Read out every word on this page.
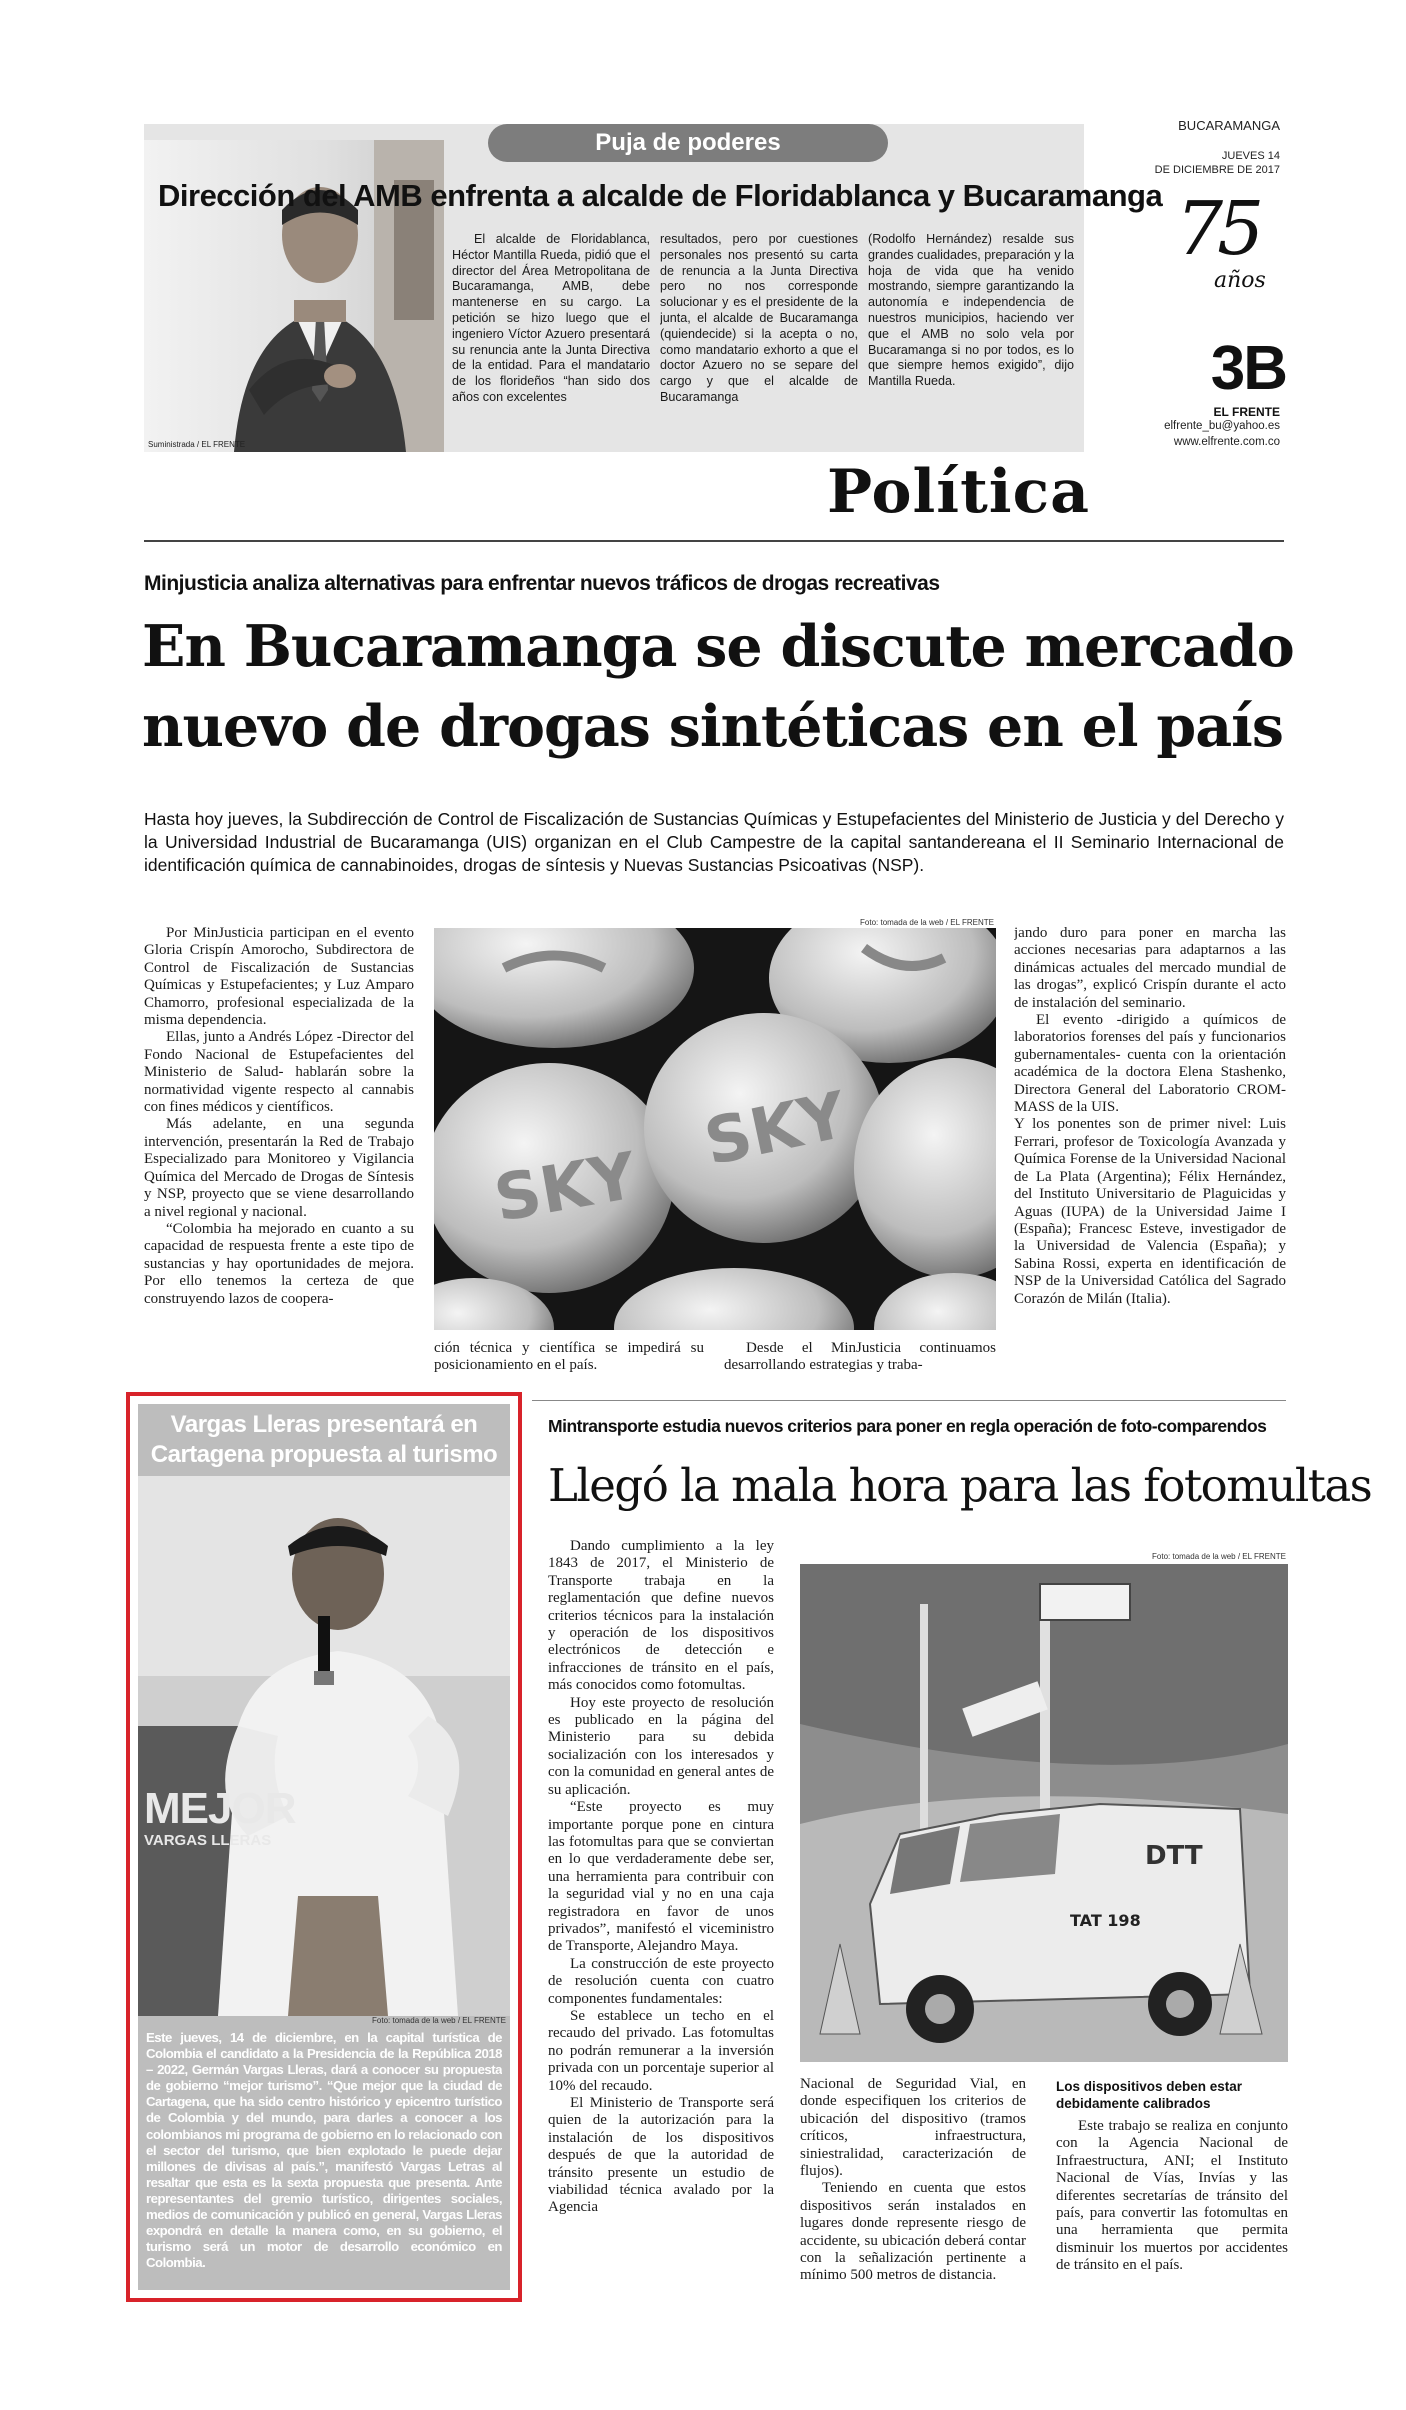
Suministrada / EL FRENTE
Puja de poderes
Dirección del AMB enfrenta a alcalde de Floridablanca y Bucaramanga

El alcalde de Floridablanca, Héctor Mantilla Rueda, pidió que el director del Área Metropolitana de Bucaramanga, AMB, debe mantenerse en su cargo. La petición se hizo luego que el ingeniero Víctor Azuero presentará su renuncia ante la Junta Directiva de la entidad. Para el mandatario de los florideños “han sido dos años con excelentes

resultados, pero por cuestiones personales nos presentó su carta de renuncia a la Junta Directiva pero no nos corresponde solucionar y es el presidente de la junta, el alcalde de Bucaramanga (quiendecide) si la acepta o no, como mandatario exhorto a que el doctor Azuero no se separe del cargo y que el alcalde de Bucaramanga

(Rodolfo Hernández) resalde sus grandes cualidades, preparación y la hoja de vida que ha venido mostrando, siempre garantizando la autonomía e independencia de nuestros municipios, haciendo ver que el AMB no solo vela por Bucaramanga si no por todos, es lo que siempre hemos exigido”, dijo Mantilla Rueda.

BUCARAMANGA
JUEVES 14
DE DICIEMBRE DE 2017
75
años
3B
EL FRENTE
elfrente_bu@yahoo.es
www.elfrente.com.co
Política
Minjusticia analiza alternativas para enfrentar nuevos tráficos de drogas recreativas
En Bucaramanga se discute mercado
nuevo de drogas sintéticas en el país
Hasta hoy jueves, la Subdirección de Control de Fiscalización de Sustancias Químicas y Estupefacientes del Ministerio de Justicia y del Derecho y la Universidad Industrial de Bucaramanga (UIS) organizan en el Club Campestre de la capital santandereana el II Seminario Internacional de identificación química de cannabinoides, drogas de síntesis y Nuevas Sustancias Psicoativas (NSP).

Por MinJusticia participan en el evento Gloria Crispín Amorocho, Subdirectora de Control de Fiscalización de Sustancias Químicas y Estupefacientes; y Luz Amparo Chamorro, profesional especializada de la misma dependencia.

Ellas, junto a Andrés López -Director del Fondo Nacional de Estupefacientes del Ministerio de Salud- hablarán sobre la normatividad vigente respecto al cannabis con fines médicos y científicos.

Más adelante, en una segunda intervención, presentarán la Red de Trabajo Especializado para Monitoreo y Vigilancia Química del Mercado de Drogas de Síntesis y NSP, proyecto que se viene desarrollando a nivel regional y nacional.

“Colombia ha mejorado en cuanto a su capacidad de respuesta frente a este tipo de sustancias y hay oportunidades de mejora. Por ello tenemos la certeza de que construyendo lazos de coopera-

SKY
SKY
Foto: tomada de la web / EL FRENTE

ción técnica y científica se impedirá su posicionamiento en el país.

Desde el MinJusticia continuamos desarrollando estrategias y traba-

jando duro para poner en marcha las acciones necesarias para adaptarnos a las dinámicas actuales del mercado mundial de las drogas”, explicó Crispín durante el acto de instalación del seminario.

El evento -dirigido a químicos de laboratorios forenses del país y funcionarios gubernamentales- cuenta con la orientación académica de la doctora Elena Stashenko, Directora General del Laboratorio CROM-MASS de la UIS.

Y los ponentes son de primer nivel: Luis Ferrari, profesor de Toxicología Avanzada y Química Forense de la Universidad Nacional de La Plata (Argentina); Félix Hernández, del Instituto Universitario de Plaguicidas y Aguas (IUPA) de la Universidad Jaime I (España); Francesc Esteve, investigador de la Universidad de Valencia (España); y Sabina Rossi, experta en identificación de NSP de la Universidad Católica del Sagrado Corazón de Milán (Italia).

Vargas Lleras presentará en
Cartagena propuesta al turismo
MEJOR
VARGAS LLERAS
Foto: tomada de la web / EL FRENTE
Este jueves, 14 de diciembre, en la capital turística de Colombia el candidato a la Presidencia de la República 2018 – 2022, Germán Vargas Lleras, dará a conocer su propuesta de gobierno “mejor turismo”. “Que mejor que la ciudad de Cartagena, que ha sido centro histórico y epicentro turístico de Colombia y del mundo, para darles a conocer a los colombianos mi programa de gobierno en lo relacionado con el sector del turismo, que bien explotado le puede dejar millones de divisas al país.”, manifestó Vargas Letras al resaltar que esta es la sexta propuesta que presenta. Ante representantes del gremio turístico, dirigentes sociales, medios de comunicación y publicó en general, Vargas Lleras expondrá en detalle la manera como, en su gobierno, el turismo será un motor de desarrollo económico en Colombia.
Mintransporte estudia nuevos criterios para poner en regla operación de foto-comparendos
Llegó la mala hora para las fotomultas

Dando cumplimiento a la ley 1843 de 2017, el Ministerio de Transporte trabaja en la reglamentación que define nuevos criterios técnicos para la instalación y operación de los dispositivos electrónicos de detección e infracciones de tránsito en el país, más conocidos como fotomultas.

Hoy este proyecto de resolución es publicado en la página del Ministerio para su debida socialización con los interesados y con la comunidad en general antes de su aplicación.

“Este proyecto es muy importante porque pone en cintura las fotomultas para que se conviertan en lo que verdaderamente debe ser, una herramienta para contribuir con la seguridad vial y no en una caja registradora en favor de unos privados”, manifestó el viceministro de Transporte, Alejandro Maya.

La construcción de este proyecto de resolución cuenta con cuatro componentes fundamentales:

Se establece un techo en el recaudo del privado. Las fotomultas no podrán remunerar a la inversión privada con un porcentaje superior al 10% del recaudo.

El Ministerio de Transporte será quien de la autorización para la instalación de los dispositivos después de que la autoridad de tránsito presente un estudio de viabilidad técnica avalado por la Agencia

DTT
TAT 198
Foto: tomada de la web / EL FRENTE

Nacional de Seguridad Vial, en donde especifiquen los criterios de ubicación del dispositivo (tramos críticos, infraestructura, siniestralidad, caracterización de flujos).

Teniendo en cuenta que estos dispositivos serán instalados en lugares donde represente riesgo de accidente, su ubicación deberá contar con la señalización pertinente a mínimo 500 metros de distancia.

Los dispositivos deben estar
debidamente calibrados

Este trabajo se realiza en conjunto con la Agencia Nacional de Infraestructura, ANI; el Instituto Nacional de Vías, Invías y las diferentes secretarías de tránsito del país, para convertir las fotomultas en una herramienta que permita disminuir los muertos por accidentes de tránsito en el país.
